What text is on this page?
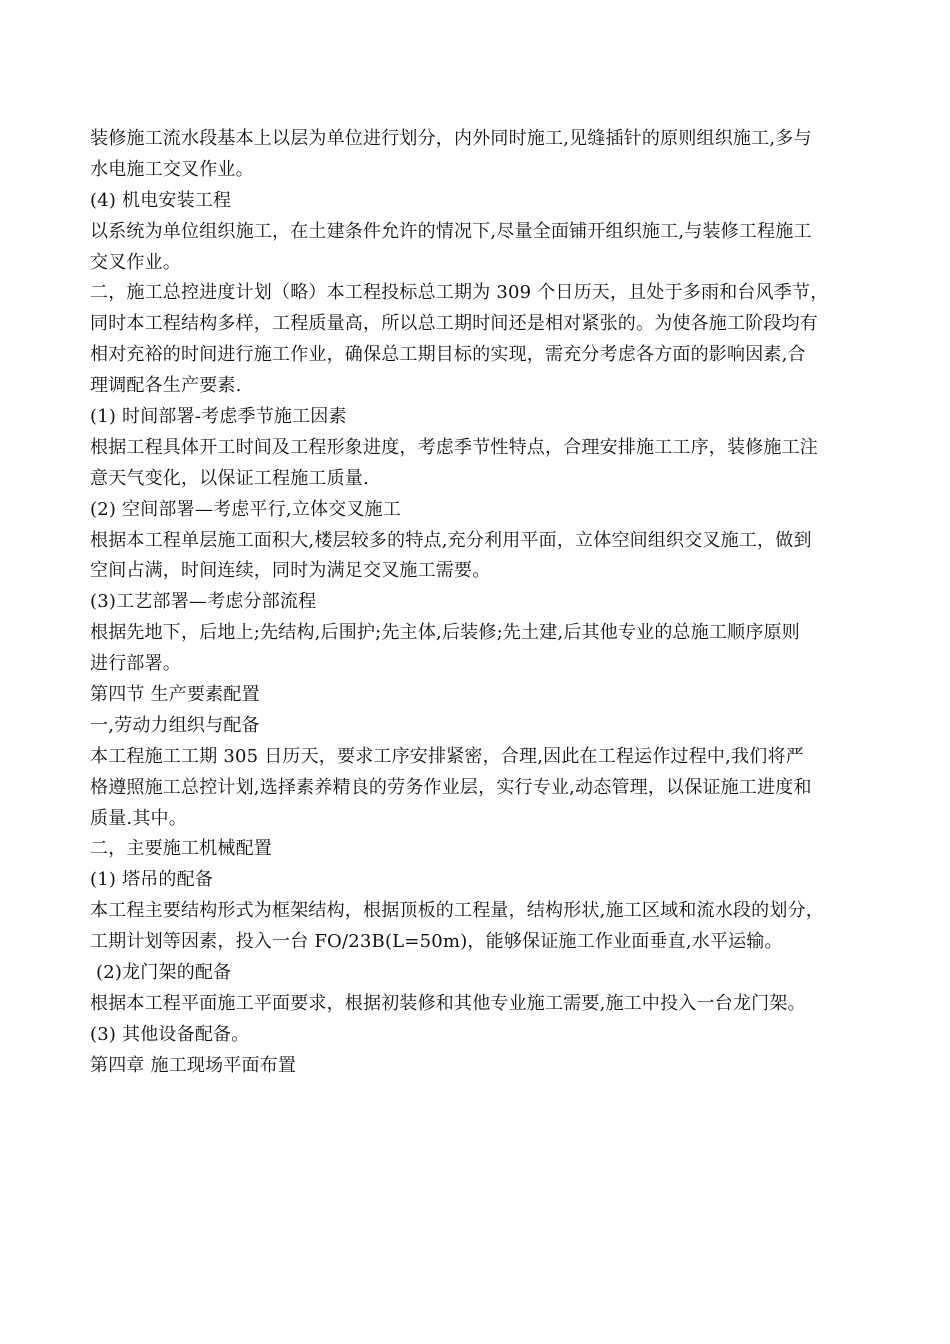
装修施工流水段基本上以层为单位进行划分，内外同时施工,见缝插针的原则组织施工,多与
水电施工交叉作业。
(4) 机电安装工程
以系统为单位组织施工，在土建条件允许的情况下,尽量全面铺开组织施工,与装修工程施工
交叉作业。
二，施工总控进度计划（略）本工程投标总工期为 309 个日历天，且处于多雨和台风季节，
同时本工程结构多样，工程质量高，所以总工期时间还是相对紧张的。为使各施工阶段均有
相对充裕的时间进行施工作业，确保总工期目标的实现，需充分考虑各方面的影响因素,合
理调配各生产要素.
(1) 时间部署-考虑季节施工因素
根据工程具体开工时间及工程形象进度，考虑季节性特点，合理安排施工工序，装修施工注
意天气变化，以保证工程施工质量.
(2) 空间部署—考虑平行,立体交叉施工
根据本工程单层施工面积大,楼层较多的特点,充分利用平面，立体空间组织交叉施工，做到
空间占满，时间连续，同时为满足交叉施工需要。
(3)工艺部署—考虑分部流程
根据先地下，后地上;先结构,后围护;先主体,后装修;先土建,后其他专业的总施工顺序原则
进行部署。
第四节 生产要素配置
一,劳动力组织与配备
本工程施工工期 305 日历天，要求工序安排紧密，合理,因此在工程运作过程中,我们将严
格遵照施工总控计划,选择素养精良的劳务作业层，实行专业,动态管理，以保证施工进度和
质量.其中。
二，主要施工机械配置
(1) 塔吊的配备
本工程主要结构形式为框架结构，根据顶板的工程量，结构形状,施工区域和流水段的划分，
工期计划等因素，投入一台 FO/23B(L=50m)，能够保证施工作业面垂直,水平运输。
(2)龙门架的配备
根据本工程平面施工平面要求，根据初装修和其他专业施工需要,施工中投入一台龙门架。
(3) 其他设备配备。
第四章 施工现场平面布置
